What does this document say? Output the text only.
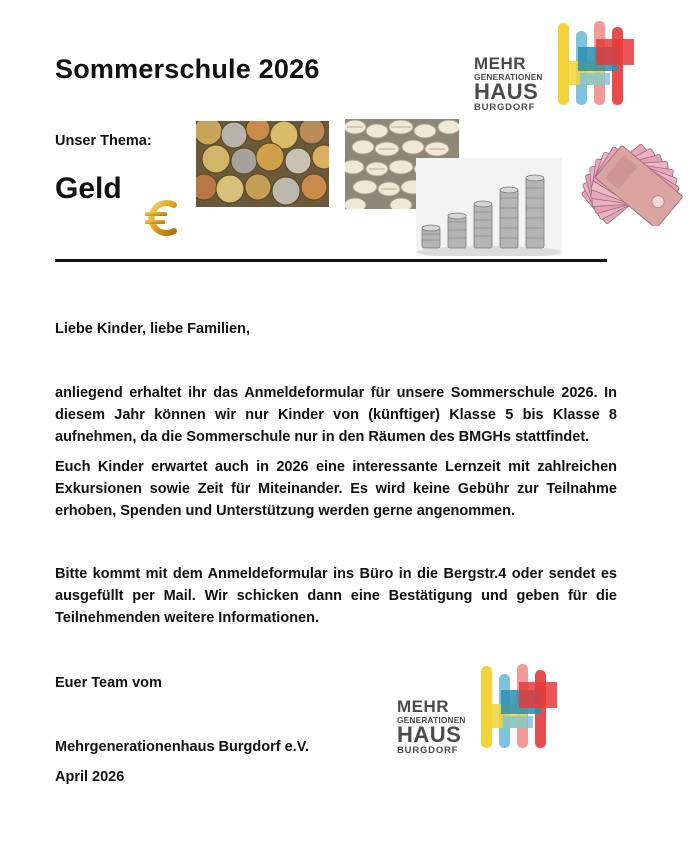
Sommerschule 2026
Unser Thema:
Geld
MEHR
GENERATIONEN
HAUS
BURGDORF
Liebe Kinder, liebe Familien,
anliegend erhaltet ihr das Anmeldeformular für unsere Sommerschule 2026. In diesem Jahr können wir nur Kinder von (künftiger) Klasse 5 bis Klasse 8 aufnehmen, da die Sommerschule nur in den Räumen des BMGHs stattfindet.
Euch Kinder erwartet auch in 2026 eine interessante Lernzeit mit zahlreichen Exkursionen sowie Zeit für Miteinander. Es wird keine Gebühr zur Teilnahme erhoben, Spenden und Unterstützung werden gerne angenommen.
Bitte kommt mit dem Anmeldeformular ins Büro in die Bergstr.4 oder sendet es ausgefüllt per Mail. Wir schicken dann eine Bestätigung und geben für die Teilnehmenden weitere Informationen.
Euer Team vom
Mehrgenerationenhaus Burgdorf e.V.
April 2026
MEHR
GENERATIONEN
HAUS
BURGDORF
